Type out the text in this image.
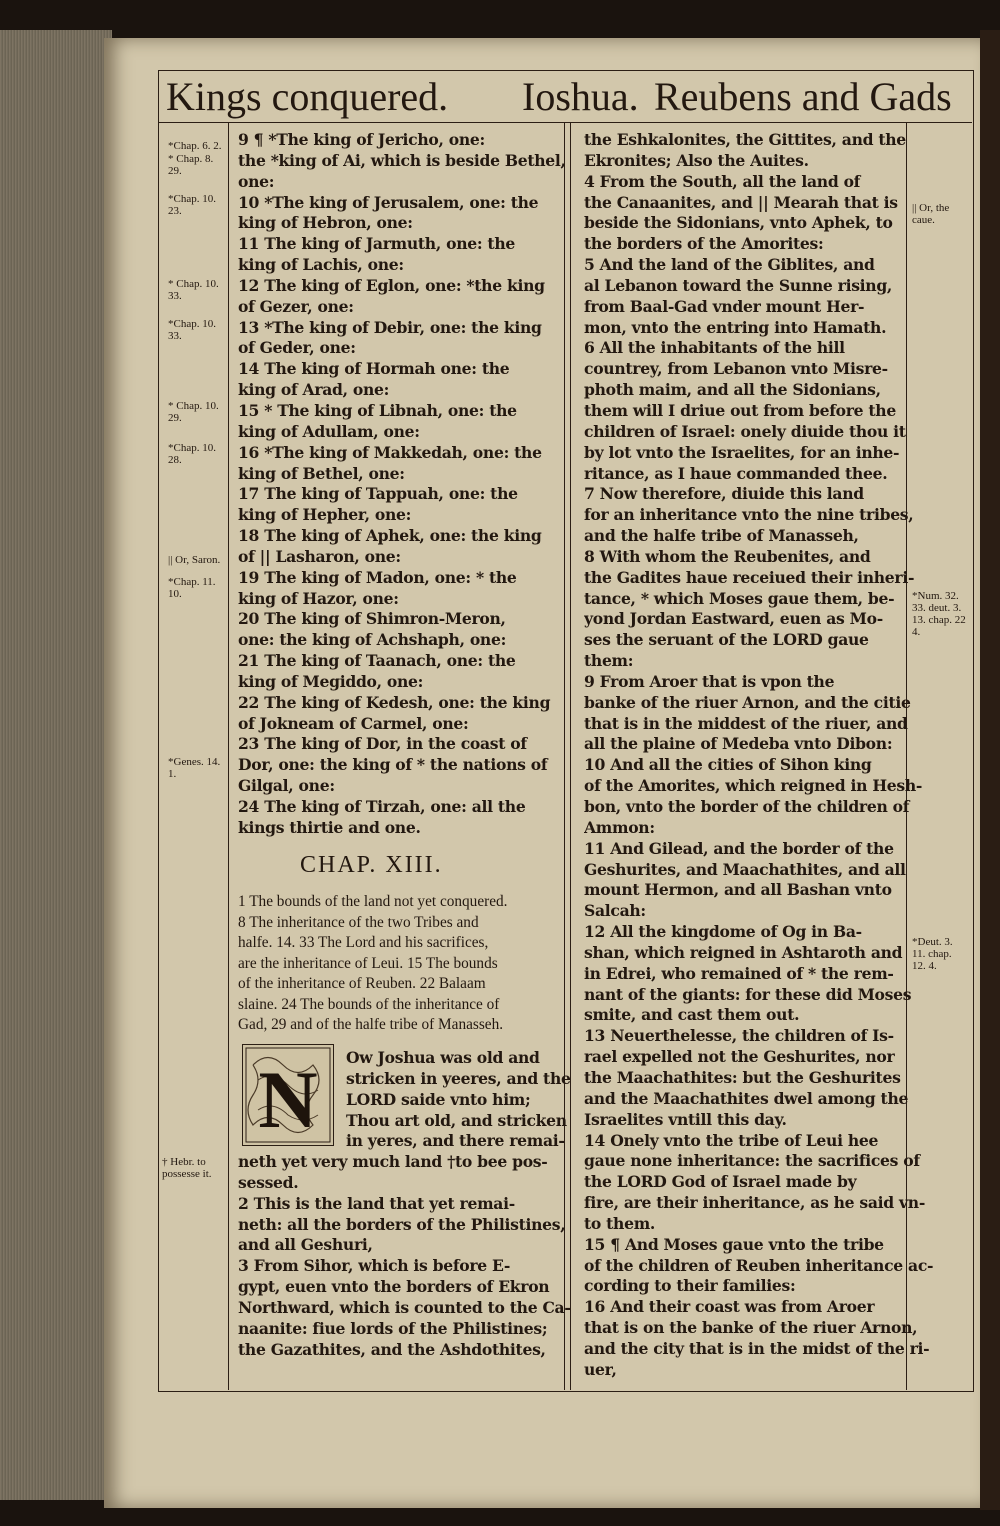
Kings conquered. Ioshua. Reubens and Gads
*Chap. 6. 2.
* Chap. 8.
29.
*Chap. 10.
23.
* Chap. 10.
33.
*Chap. 10.
33.
* Chap. 10.
29.
*Chap. 10.
28.
|| Or, Saron.
*Chap. 11.
10.
*Genes. 14.
1.
† Hebr. to
possesse it.
|| Or, the
caue.
*Num. 32.
33. deut. 3.
13. chap. 22
4.
*Deut. 3.
11. chap.
12. 4.
9 ¶ *The king of Jericho, one:
the *king of Ai, which is beside Bethel,
one:
10 *The king of Jerusalem, one: the
king of Hebron, one:
11 The king of Jarmuth, one: the
king of Lachis, one:
12 The king of Eglon, one: *the king
of Gezer, one:
13 *The king of Debir, one: the king
of Geder, one:
14 The king of Hormah one: the
king of Arad, one:
15 * The king of Libnah, one: the
king of Adullam, one:
16 *The king of Makkedah, one: the
king of Bethel, one:
17 The king of Tappuah, one: the
king of Hepher, one:
18 The king of Aphek, one: the king
of || Lasharon, one:
19 The king of Madon, one: * the
king of Hazor, one:
20 The king of Shimron-Meron,
one: the king of Achshaph, one:
21 The king of Taanach, one: the
king of Megiddo, one:
22 The king of Kedesh, one: the king
of Jokneam of Carmel, one:
23 The king of Dor, in the coast of
Dor, one: the king of * the nations of
Gilgal, one:
24 The king of Tirzah, one: all the
kings thirtie and one.
CHAP. XIII.
1 The bounds of the land not yet conquered.
8 The inheritance of the two Tribes and
halfe. 14. 33 The Lord and his sacrifices,
are the inheritance of Leui. 15 The bounds
of the inheritance of Reuben. 22 Balaam
slaine. 24 The bounds of the inheritance of
Gad, 29 and of the halfe tribe of Manasseh.
N Ow Joshua was old and
stricken in yeeres, and the
LORD saide vnto him;
Thou art old, and stricken
in yeres, and there remai-
neth yet very much land †to bee pos-
sessed.
2 This is the land that yet remai-
neth: all the borders of the Philistines,
and all Geshuri,
3 From Sihor, which is before E-
gypt, euen vnto the borders of Ekron
Northward, which is counted to the Ca-
naanite: fiue lords of the Philistines;
the Gazathites, and the Ashdothites,
the Eshkalonites, the Gittites, and the
Ekronites; Also the Auites.
4 From the South, all the land of
the Canaanites, and || Mearah that is
beside the Sidonians, vnto Aphek, to
the borders of the Amorites:
5 And the land of the Giblites, and
al Lebanon toward the Sunne rising,
from Baal-Gad vnder mount Her-
mon, vnto the entring into Hamath.
6 All the inhabitants of the hill
countrey, from Lebanon vnto Misre-
photh maim, and all the Sidonians,
them will I driue out from before the
children of Israel: onely diuide thou it
by lot vnto the Israelites, for an inhe-
ritance, as I haue commanded thee.
7 Now therefore, diuide this land
for an inheritance vnto the nine tribes,
and the halfe tribe of Manasseh,
8 With whom the Reubenites, and
the Gadites haue receiued their inheri-
tance, * which Moses gaue them, be-
yond Jordan Eastward, euen as Mo-
ses the seruant of the LORD gaue
them:
9 From Aroer that is vpon the
banke of the riuer Arnon, and the citie
that is in the middest of the riuer, and
all the plaine of Medeba vnto Dibon:
10 And all the cities of Sihon king
of the Amorites, which reigned in Hesh-
bon, vnto the border of the children of
Ammon:
11 And Gilead, and the border of the
Geshurites, and Maachathites, and all
mount Hermon, and all Bashan vnto
Salcah:
12 All the kingdome of Og in Ba-
shan, which reigned in Ashtaroth and
in Edrei, who remained of * the rem-
nant of the giants: for these did Moses
smite, and cast them out.
13 Neuerthelesse, the children of Is-
rael expelled not the Geshurites, nor
the Maachathites: but the Geshurites
and the Maachathites dwel among the
Israelites vntill this day.
14 Onely vnto the tribe of Leui hee
gaue none inheritance: the sacrifices of
the LORD God of Israel made by
fire, are their inheritance, as he said vn-
to them.
15 ¶ And Moses gaue vnto the tribe
of the children of Reuben inheritance ac-
cording to their families:
16 And their coast was from Aroer
that is on the banke of the riuer Arnon,
and the city that is in the midst of the ri-
uer,
